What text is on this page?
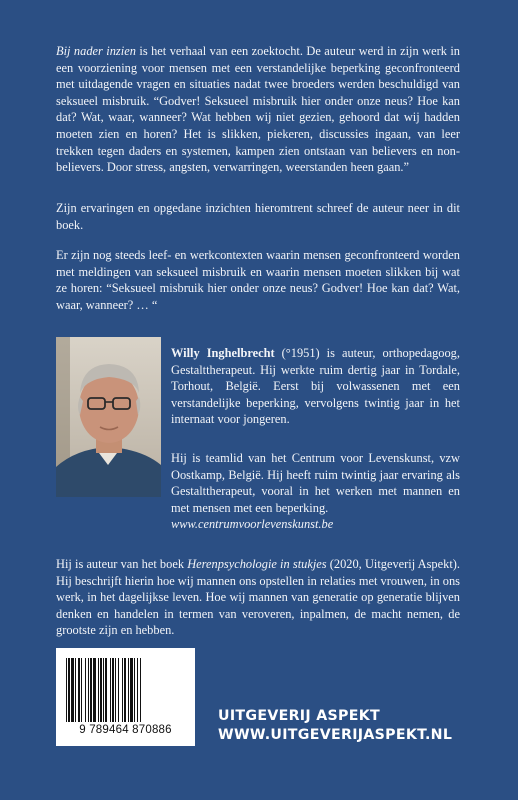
Bij nader inzien is het verhaal van een zoektocht. De auteur werd in zijn werk in een voorziening voor mensen met een verstandelijke beperking geconfronteerd met uitdagende vragen en situaties nadat twee broeders werden beschuldigd van seksueel misbruik. “Godver! Seksueel misbruik hier onder onze neus? Hoe kan dat? Wat, waar, wanneer? Wat hebben wij niet gezien, gehoord dat wij hadden moeten zien en horen? Het is slikken, piekeren, discussies ingaan, van leer trekken tegen daders en systemen, kampen zien ontstaan van believers en non-believers. Door stress, angsten, verwarringen, weerstanden heen gaan.”

Zijn ervaringen en opgedane inzichten hieromtrent schreef de auteur neer in dit boek.

Er zijn nog steeds leef- en werkcontexten waarin mensen geconfronteerd worden met meldingen van seksueel misbruik en waarin mensen moeten slikken bij wat ze horen: “Seksueel misbruik hier onder onze neus? Godver! Hoe kan dat? Wat, waar, wanneer? … “

Willy Inghelbrecht (°1951) is auteur, orthopedagoog, Gestalttherapeut. Hij werkte ruim dertig jaar in Tordale, Torhout, België. Eerst bij volwassenen met een verstandelijke beperking, vervolgens twintig jaar in het internaat voor jongeren.

Hij is teamlid van het Centrum voor Levenskunst, vzw Oostkamp, België. Hij heeft ruim twintig jaar ervaring als Gestalttherapeut, vooral in het werken met mannen en met mensen met een beperking.

www.centrumvoorlevenskunst.be

Hij is auteur van het boek Herenpsychologie in stukjes (2020, Uitgeverij Aspekt). Hij beschrijft hierin hoe wij mannen ons opstellen in relaties met vrouwen, in ons werk, in het dagelijkse leven. Hoe wij mannen van generatie op generatie blijven denken en handelen in termen van veroveren, inpalmen, de macht nemen, de grootste zijn en hebben.

9 789464 870886
UITGEVERIJ ASPEKT
WWW.UITGEVERIJASPEKT.NL
